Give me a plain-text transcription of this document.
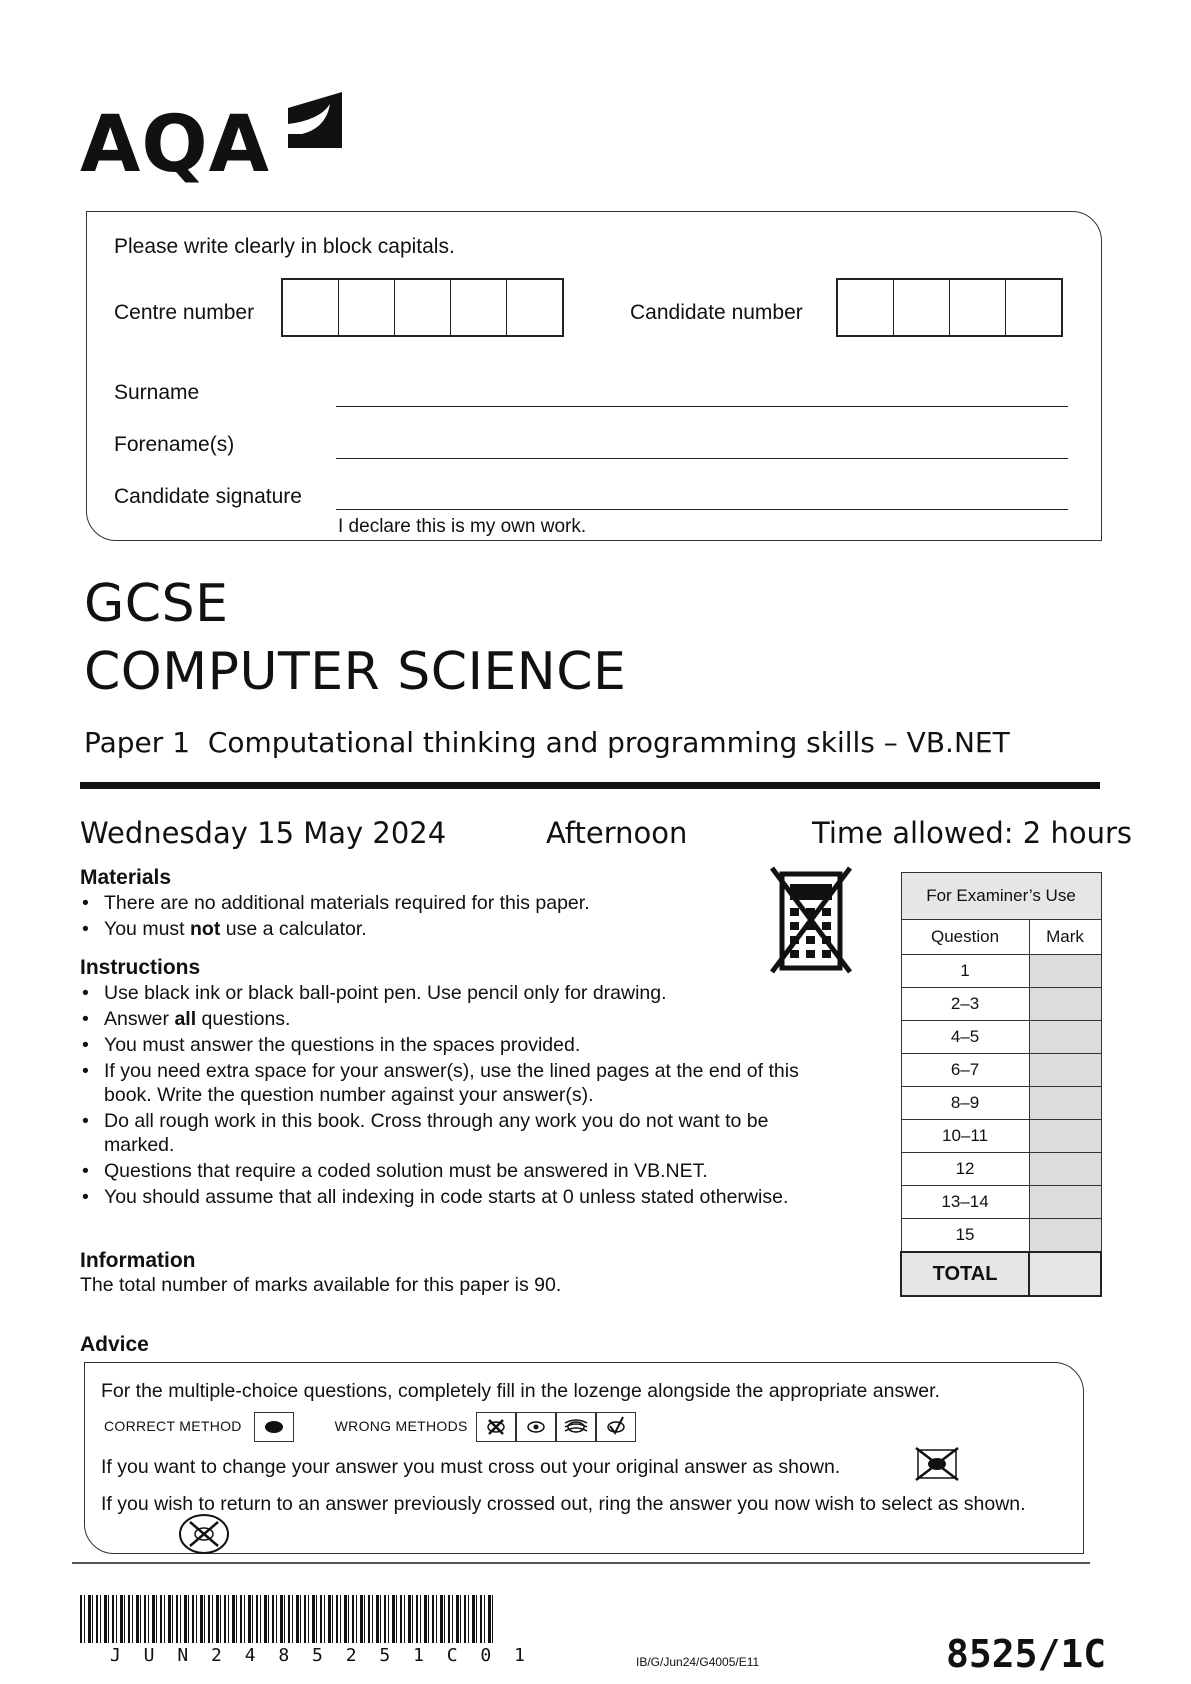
AQA
Please write clearly in block capitals.
Centre number	Candidate number
Surname
Forename(s)
Candidate signature
I declare this is my own work.
GCSE
COMPUTER SCIENCE
Paper 1 Computational thinking and programming skills – VB.NET
Wednesday 15 May 2024	Afternoon	Time allowed: 2 hours
Materials
• There are no additional materials required for this paper.
• You must not use a calculator.
Instructions
• Use black ink or black ball-point pen. Use pencil only for drawing.
• Answer all questions.
• You must answer the questions in the spaces provided.
• If you need extra space for your answer(s), use the lined pages at the end of this book. Write the question number against your answer(s).
• Do all rough work in this book. Cross through any work you do not want to be marked.
• Questions that require a coded solution must be answered in VB.NET.
• You should assume that all indexing in code starts at 0 unless stated otherwise.
Information
The total number of marks available for this paper is 90.
For Examiner’s Use	
Question	Mark
1	
2–3	
4–5	
6–7	
8–9	
10–11	
12	
13–14	
15	
TOTAL	
Advice
For the multiple-choice questions, completely fill in the lozenge alongside the appropriate answer.
CORRECT METHOD	WRONG METHODS
If you want to change your answer you must cross out your original answer as shown.
If you wish to return to an answer previously crossed out, ring the answer you now wish to select as shown.
J U N 2 4 8 5 2 5 1 C 0 1	IB/G/Jun24/G4005/E11	8525/1C
